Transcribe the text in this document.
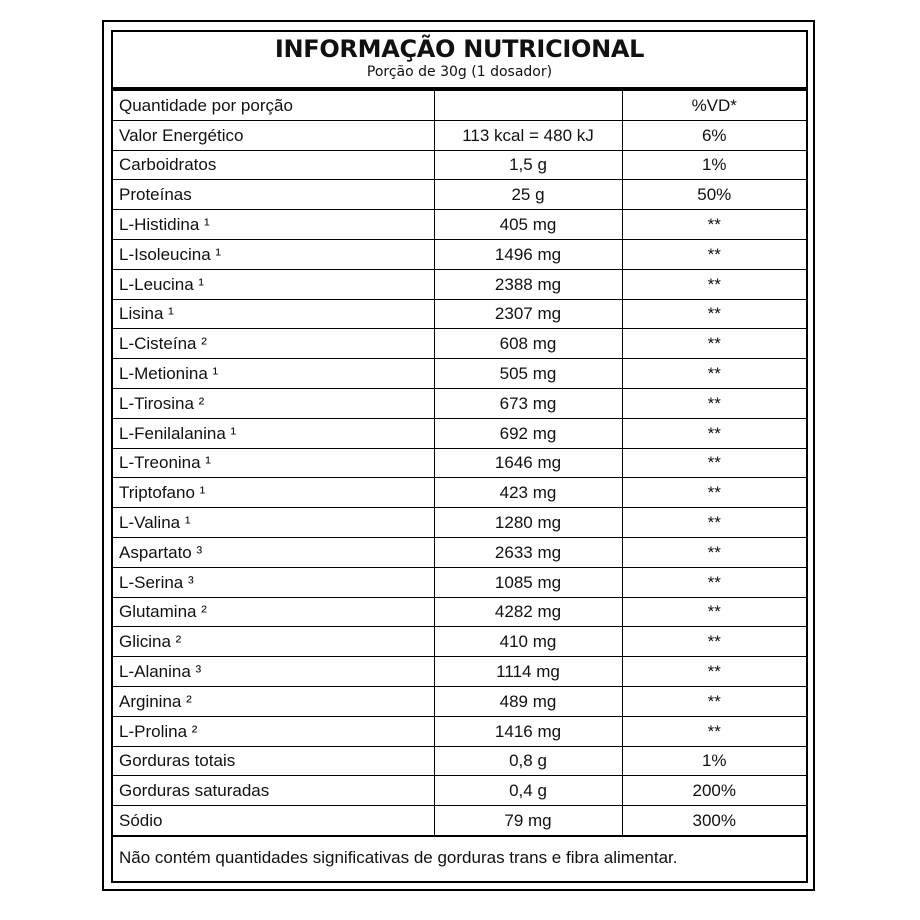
INFORMAÇÃO NUTRICIONAL
Porção de 30g (1 dosador)
Quantidade por porção		%VD*
Valor Energético	113 kcal = 480 kJ	6%
Carboidratos	1,5 g	1%
Proteínas	25 g	50%
L-Histidina ¹	405 mg	**
L-Isoleucina ¹	1496 mg	**
L-Leucina ¹	2388 mg	**
Lisina ¹	2307 mg	**
L-Cisteína ²	608 mg	**
L-Metionina ¹	505 mg	**
L-Tirosina ²	673 mg	**
L-Fenilalanina ¹	692 mg	**
L-Treonina ¹	1646 mg	**
Triptofano ¹	423 mg	**
L-Valina ¹	1280 mg	**
Aspartato ³	2633 mg	**
L-Serina ³	1085 mg	**
Glutamina ²	4282 mg	**
Glicina ²	410 mg	**
L-Alanina ³	1114 mg	**
Arginina ²	489 mg	**
L-Prolina ²	1416 mg	**
Gorduras totais	0,8 g	1%
Gorduras saturadas	0,4 g	200%
Sódio	79 mg	300%
Não contém quantidades significativas de gorduras trans e fibra alimentar.
